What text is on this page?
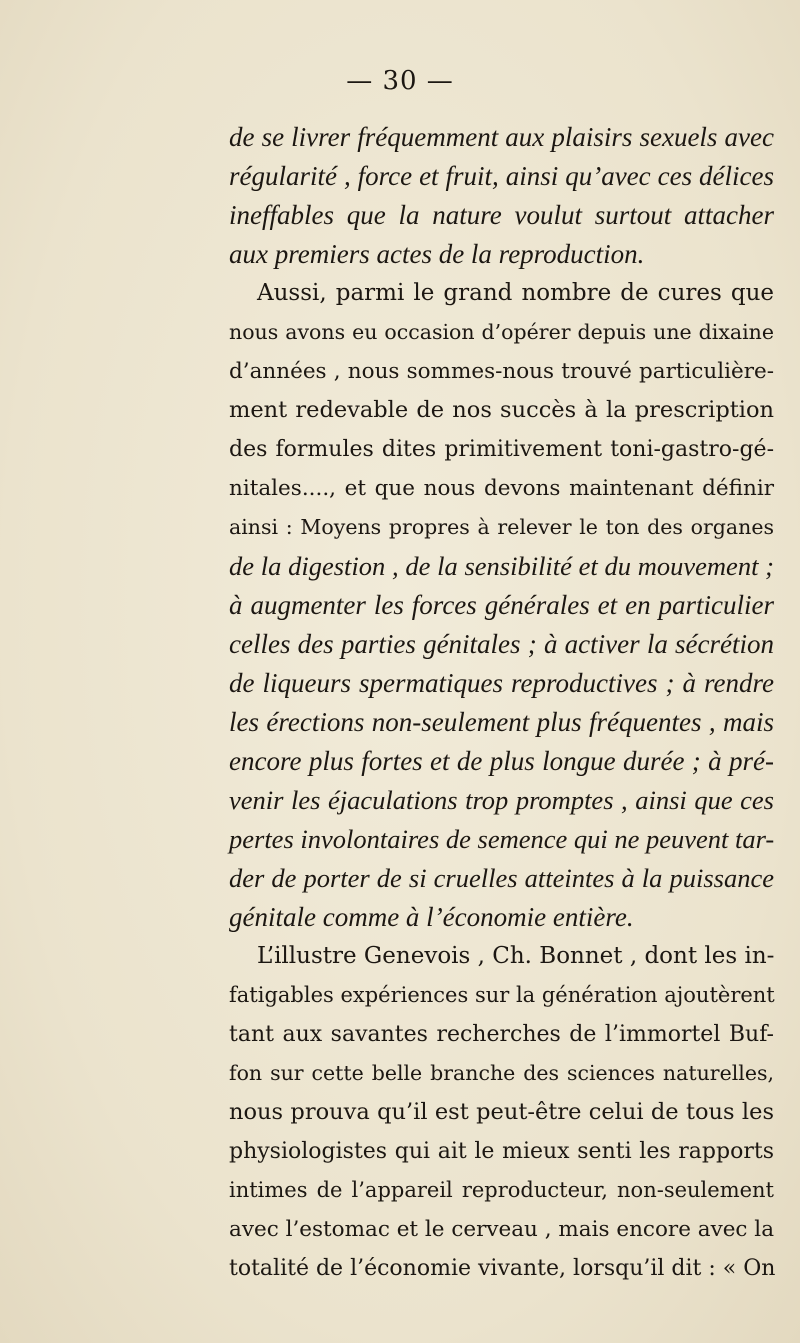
— 30 —
de se livrer fréquemment aux plaisirs sexuels avec
régularité , force et fruit, ainsi qu’avec ces délices
ineffables que la nature voulut surtout attacher
aux premiers actes de la reproduction.
Aussi, parmi le grand nombre de cures que
nous avons eu occasion d’opérer depuis une dixaine
d’années , nous sommes-nous trouvé particulière-
ment redevable de nos succès à la prescription
des formules dites primitivement toni-gastro-gé-
nitales...., et que nous devons maintenant définir
ainsi : Moyens propres à relever le ton des organes
de la digestion , de la sensibilité et du mouvement ;
à augmenter les forces générales et en particulier
celles des parties génitales ; à activer la sécrétion
de liqueurs spermatiques reproductives ; à rendre
les érections non-seulement plus fréquentes , mais
encore plus fortes et de plus longue durée ; à pré-
venir les éjaculations trop promptes , ainsi que ces
pertes involontaires de semence qui ne peuvent tar-
der de porter de si cruelles atteintes à la puissance
génitale comme à l’économie entière.
L’illustre Genevois , Ch. Bonnet , dont les in-
fatigables expériences sur la génération ajoutèrent
tant aux savantes recherches de l’immortel Buf-
fon sur cette belle branche des sciences naturelles,
nous prouva qu’il est peut-être celui de tous les
physiologistes qui ait le mieux senti les rapports
intimes de l’appareil reproducteur, non-seulement
avec l’estomac et le cerveau , mais encore avec la
totalité de l’économie vivante, lorsqu’il dit : « On
